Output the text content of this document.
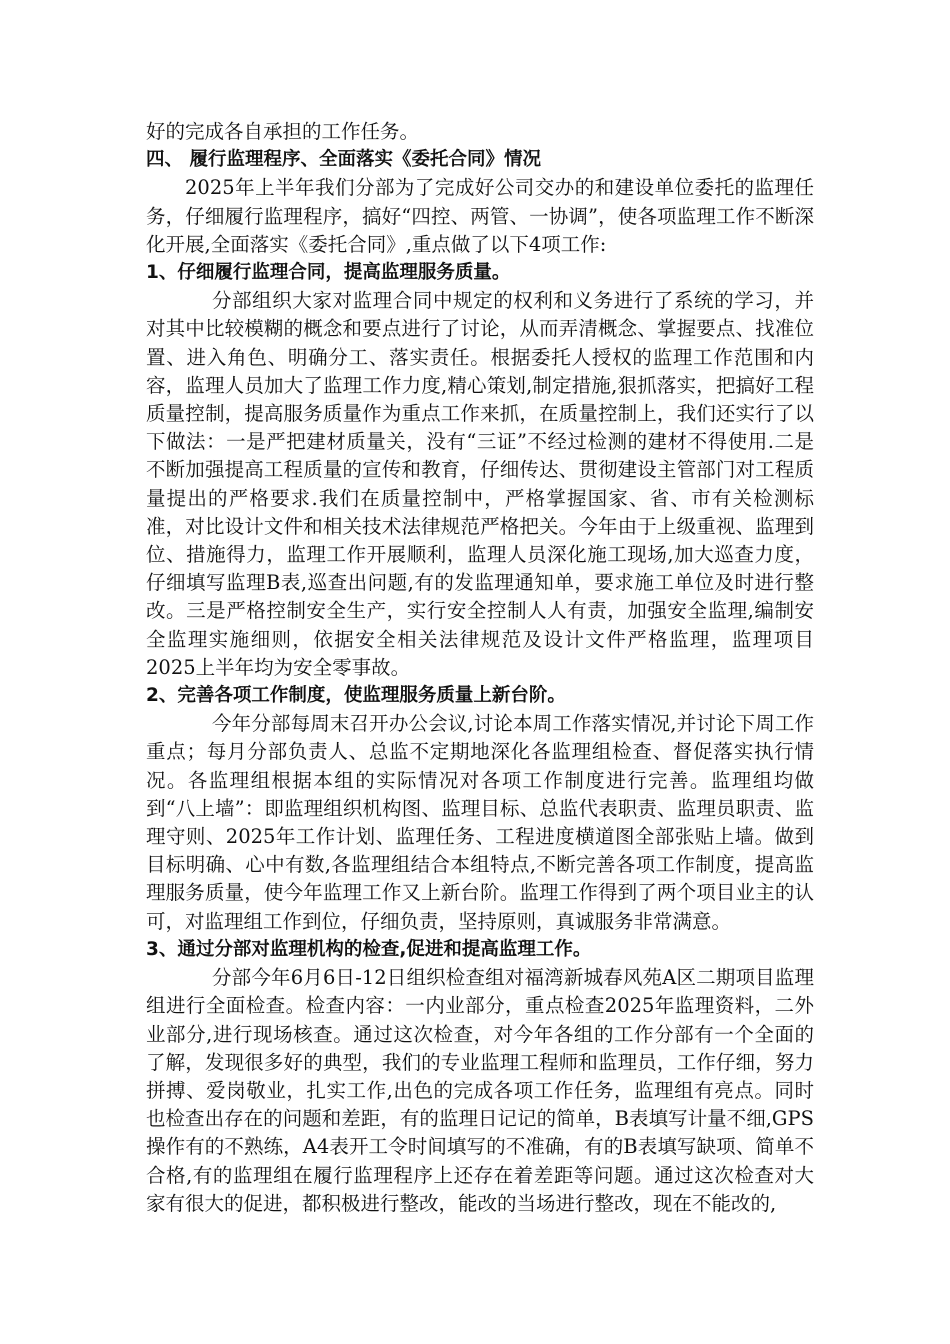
好的完成各自承担的工作任务。

四、 履行监理程序、全面落实《委托合同》情况

2025年上半年我们分部为了完成好公司交办的和建设单位委托的监理任务，仔细履行监理程序，搞好“四控、两管、一协调”，使各项监理工作不断深化开展,全面落实《委托合同》,重点做了以下4项工作:

1、仔细履行监理合同，提高监理服务质量。

分部组织大家对监理合同中规定的权利和义务进行了系统的学习，并对其中比较模糊的概念和要点进行了讨论，从而弄清概念、掌握要点、找准位置、进入角色、明确分工、落实责任。根据委托人授权的监理工作范围和内容，监理人员加大了监理工作力度,精心策划,制定措施,狠抓落实，把搞好工程质量控制，提高服务质量作为重点工作来抓，在质量控制上，我们还实行了以下做法：一是严把建材质量关，没有“三证”不经过检测的建材不得使用.二是不断加强提高工程质量的宣传和教育，仔细传达、贯彻建设主管部门对工程质量提出的严格要求.我们在质量控制中，严格掌握国家、省、市有关检测标准，对比设计文件和相关技术法律规范严格把关。今年由于上级重视、监理到位、措施得力，监理工作开展顺利，监理人员深化施工现场,加大巡查力度，仔细填写监理B表,巡查出问题,有的发监理通知单，要求施工单位及时进行整改。三是严格控制安全生产，实行安全控制人人有责，加强安全监理,编制安全监理实施细则，依据安全相关法律规范及设计文件严格监理，监理项目2025上半年均为安全零事故。

2、完善各项工作制度，使监理服务质量上新台阶。

今年分部每周末召开办公会议,讨论本周工作落实情况,并讨论下周工作重点；每月分部负责人、总监不定期地深化各监理组检查、督促落实执行情况。各监理组根据本组的实际情况对各项工作制度进行完善。监理组均做到“八上墙”：即监理组织机构图、监理目标、总监代表职责、监理员职责、监理守则、2025年工作计划、监理任务、工程进度横道图全部张贴上墙。做到目标明确、心中有数,各监理组结合本组特点,不断完善各项工作制度，提高监理服务质量，使今年监理工作又上新台阶。监理工作得到了两个项目业主的认可，对监理组工作到位，仔细负责，坚持原则，真诚服务非常满意。

3、通过分部对监理机构的检查,促进和提高监理工作。

分部今年6月6日-12日组织检查组对福湾新城春风苑A区二期项目监理组进行全面检查。检查内容：一内业部分，重点检查2025年监理资料，二外业部分,进行现场核查。通过这次检查，对今年各组的工作分部有一个全面的了解，发现很多好的典型，我们的专业监理工程师和监理员，工作仔细，努力拼搏、爱岗敬业，扎实工作,出色的完成各项工作任务，监理组有亮点。同时也检查出存在的问题和差距，有的监理日记记的简单，B表填写计量不细,GPS操作有的不熟练，A4表开工令时间填写的不准确，有的B表填写缺项、简单不合格,有的监理组在履行监理程序上还存在着差距等问题。通过这次检查对大家有很大的促进，都积极进行整改，能改的当场进行整改，现在不能改的,
